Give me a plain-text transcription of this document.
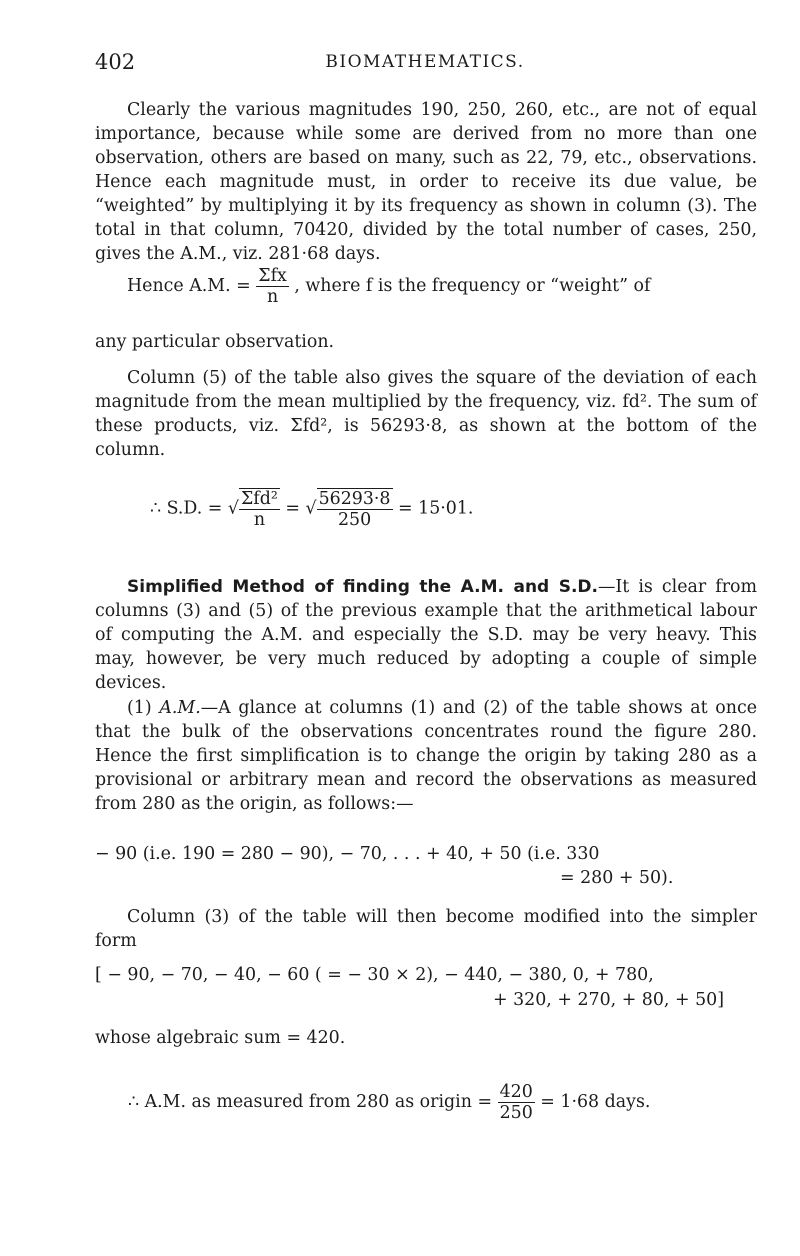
402	BIOMATHEMATICS.

Clearly the various magnitudes 190, 250, 260, etc., are not of equal importance, because while some are derived from no more than one observation, others are based on many, such as 22, 79, etc., observations. Hence each magnitude must, in order to receive its due value, be “weighted” by multiplying it by its frequency as shown in column (3). The total in that column, 70420, divided by the total number of cases, 250, gives the A.M., viz. 281·68 days.

Hence A.M. = $\frac{\text{Σfx}}{n}$ , where f is the frequency or “weight” of

any particular observation.

Column (5) of the table also gives the square of the deviation of each magnitude from the mean multiplied by the frequency, viz. fd². The sum of these products, viz. Σfd², is 56293·8, as shown at the bottom of the column.

∴ S.D. = √ $\frac{\text{Σfd²}}{n}$ = √ $\frac{56293\cdot 8}{250} = 15\cdot 01$.

Simplified Method of finding the A.M. and S.D.—It is clear from columns (3) and (5) of the previous example that the arithmetical labour of computing the A.M. and especially the S.D. may be very heavy. This may, however, be very much reduced by adopting a couple of simple devices.

(1) A.M.—A glance at columns (1) and (2) of the table shows at once that the bulk of the observations concentrates round the figure 280. Hence the first simplification is to change the origin by taking 280 as a provisional or arbitrary mean and record the observations as measured from 280 as the origin, as follows:—

− 90 (i.e. 190 = 280 − 90), − 70, . . . + 40, + 50 (i.e. 330
= 280 + 50).

Column (3) of the table will then become modified into the simpler form

[ − 90, − 70, − 40, − 60 ( = − 30 × 2), − 440, − 380, 0, + 780,
+ 320, + 270, + 80, + 50]

whose algebraic sum = 420.

∴ A.M. as measured from 280 as origin = $\frac{420}{250} = 1\cdot 68$ days.
